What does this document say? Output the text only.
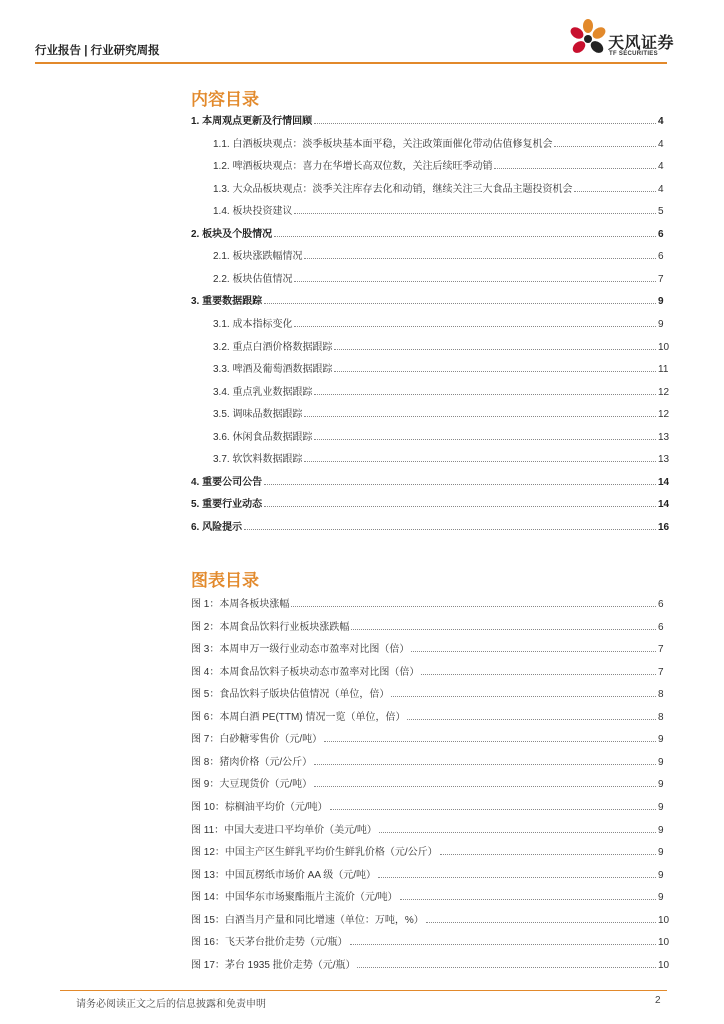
行业报告 | 行业研究周报	天风证券
TF SECURITIES
内容目录
1. 本周观点更新及行情回顾	4
1.1. 白酒板块观点：淡季板块基本面平稳，关注政策面催化带动估值修复机会	4
1.2. 啤酒板块观点：喜力在华增长高双位数，关注后续旺季动销	4
1.3. 大众品板块观点：淡季关注库存去化和动销，继续关注三大食品主题投资机会	4
1.4. 板块投资建议	5
2. 板块及个股情况	6
2.1. 板块涨跌幅情况	6
2.2. 板块估值情况	7
3. 重要数据跟踪	9
3.1. 成本指标变化	9
3.2. 重点白酒价格数据跟踪	10
3.3. 啤酒及葡萄酒数据跟踪	11
3.4. 重点乳业数据跟踪	12
3.5. 调味品数据跟踪	12
3.6. 休闲食品数据跟踪	13
3.7. 软饮料数据跟踪	13
4. 重要公司公告	14
5. 重要行业动态	14
6. 风险提示	16
图表目录
图 1：本周各板块涨幅	6
图 2：本周食品饮料行业板块涨跌幅	6
图 3：本周申万一级行业动态市盈率对比图（倍）	7
图 4：本周食品饮料子板块动态市盈率对比图（倍）	7
图 5：食品饮料子版块估值情况（单位，倍）	8
图 6：本周白酒 PE(TTM) 情况一览（单位，倍）	8
图 7：白砂糖零售价（元/吨）	9
图 8：猪肉价格（元/公斤）	9
图 9：大豆现货价（元/吨）	9
图 10：棕榈油平均价（元/吨）	9
图 11：中国大麦进口平均单价（美元/吨）	9
图 12：中国主产区生鲜乳平均价生鲜乳价格（元/公斤）	9
图 13：中国瓦楞纸市场价 AA 级（元/吨）	9
图 14：中国华东市场聚酯瓶片主流价（元/吨）	9
图 15：白酒当月产量和同比增速（单位：万吨，%）	10
图 16：飞天茅台批价走势（元/瓶）	10
图 17：茅台 1935 批价走势（元/瓶）	10
请务必阅读正文之后的信息披露和免责申明	2
